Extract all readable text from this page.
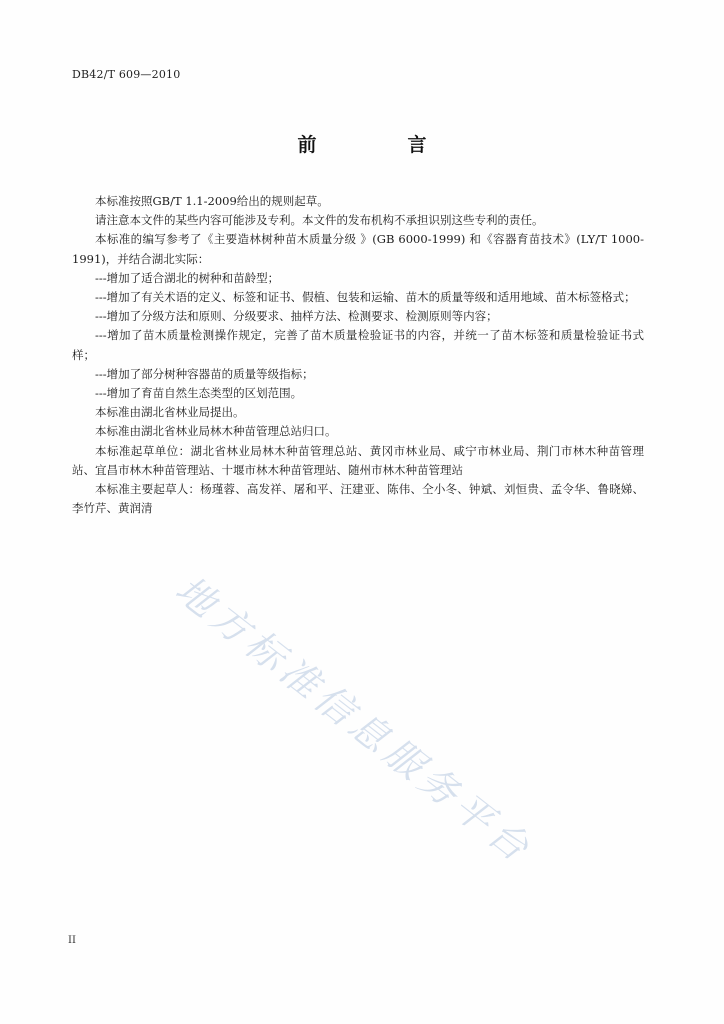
DB42/T 609—2010
前　言

本标准按照GB/T 1.1-2009给出的规则起草。

请注意本文件的某些内容可能涉及专利。本文件的发布机构不承担识别这些专利的责任。

本标准的编写参考了《主要造林树种苗木质量分级 》(GB 6000-1999) 和《容器育苗技术》(LY/T 1000-1991)，并结合湖北实际：

---增加了适合湖北的树种和苗龄型；

---增加了有关术语的定义、标签和证书、假植、包装和运输、苗木的质量等级和适用地域、苗木标签格式；

---增加了分级方法和原则、分级要求、抽样方法、检测要求、检测原则等内容；

---增加了苗木质量检测操作规定，完善了苗木质量检验证书的内容，并统一了苗木标签和质量检验证书式样；

---增加了部分树种容器苗的质量等级指标；

---增加了育苗自然生态类型的区划范围。

本标准由湖北省林业局提出。

本标准由湖北省林业局林木种苗管理总站归口。

本标准起草单位：湖北省林业局林木种苗管理总站、黄冈市林业局、咸宁市林业局、荆门市林木种苗管理站、宜昌市林木种苗管理站、十堰市林木种苗管理站、随州市林木种苗管理站

本标准主要起草人：杨瑾蓉、高发祥、屠和平、汪建亚、陈伟、仝小冬、钟斌、刘恒贵、孟令华、鲁晓娣、李竹芹、黄润清

地方标准信息服务平台
II
